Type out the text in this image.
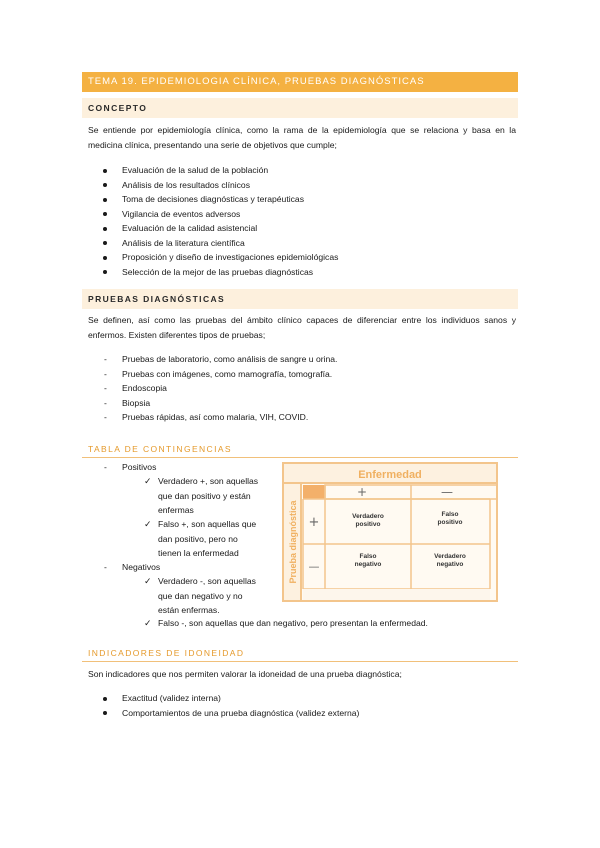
TEMA 19. EPIDEMIOLOGIA CLÍNICA, PRUEBAS DIAGNÓSTICAS
CONCEPTO

Se entiende por epidemiología clínica, como la rama de la epidemiología que se relaciona y basa en la medicina clínica, presentando una serie de objetivos que cumple;

Evaluación de la salud de la población
Análisis de los resultados clínicos
Toma de decisiones diagnósticas y terapéuticas
Vigilancia de eventos adversos
Evaluación de la calidad asistencial
Análisis de la literatura científica
Proposición y diseño de investigaciones epidemiológicas
Selección de la mejor de las pruebas diagnósticas
PRUEBAS DIAGNÓSTICAS

Se definen, así como las pruebas del ámbito clínico capaces de diferenciar entre los individuos sanos y enfermos. Existen diferentes tipos de pruebas;

- Pruebas de laboratorio, como análisis de sangre u orina.
- Pruebas con imágenes, como mamografía, tomografía.
- Endoscopia
- Biopsia
- Pruebas rápidas, así como malaria, VIH, COVID.
TABLA DE CONTINGENCIAS
- Positivos
✓ Verdadero +, son aquellas
que dan positivo y están
enfermas
✓ Falso +, son aquellas que
dan positivo, pero no
tienen la enfermedad
- Negativos
✓ Verdadero -, son aquellas
que dan negativo y no
están enfermas.
✓ Falso -, son aquellas que dan negativo, pero presentan la enfermedad.
Enfermedad
Prueba diagnóstica
+	—
+
—
Verdadero
positivo
Falso
positivo
Falso
negativo
Verdadero
negativo
INDICADORES DE IDONEIDAD

Son indicadores que nos permiten valorar la idoneidad de una prueba diagnóstica;

Exactitud (validez interna)
Comportamientos de una prueba diagnóstica (validez externa)
